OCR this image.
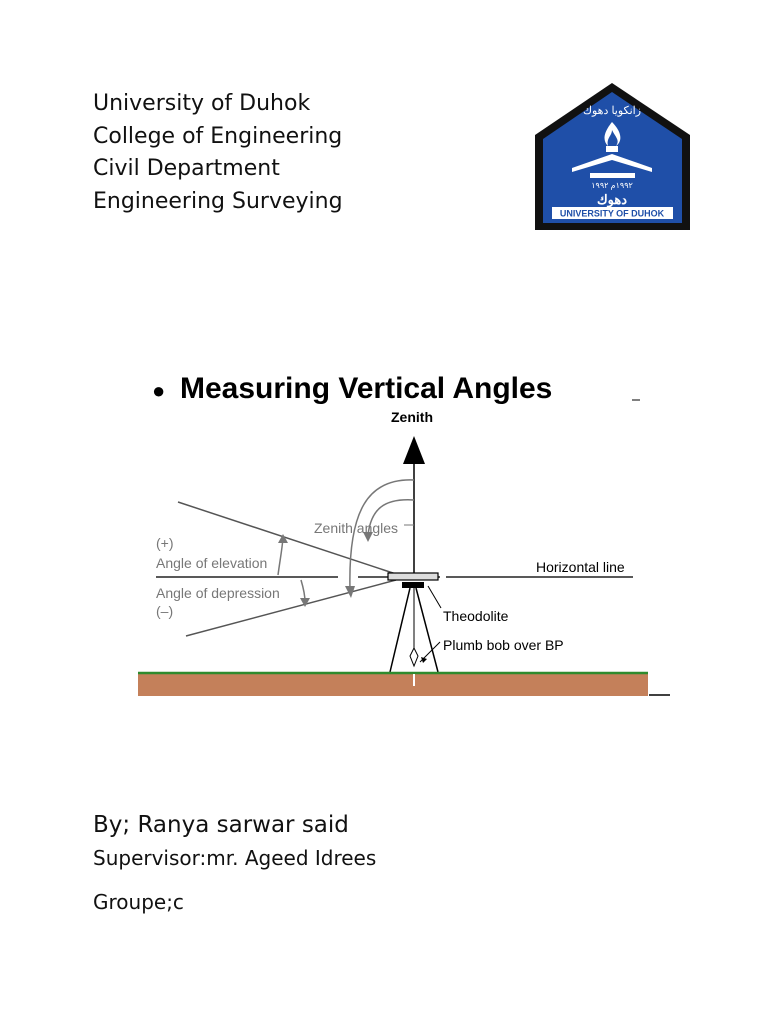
University of Duhok
College of Engineering
Civil Department
Engineering Surveying
زانكويا دهوك
١٩٩٢م ١٩٩٢
دهوك
UNIVERSITY OF DUHOK
● Measuring Vertical Angles
Zenith
Horizontal line
Zenith angles
(+)
Angle of elevation
Angle of depression
(–)	Theodolite
Plumb bob over BP
By; Ranya sarwar said
Supervisor:mr. Ageed Idrees
Groupe;c
